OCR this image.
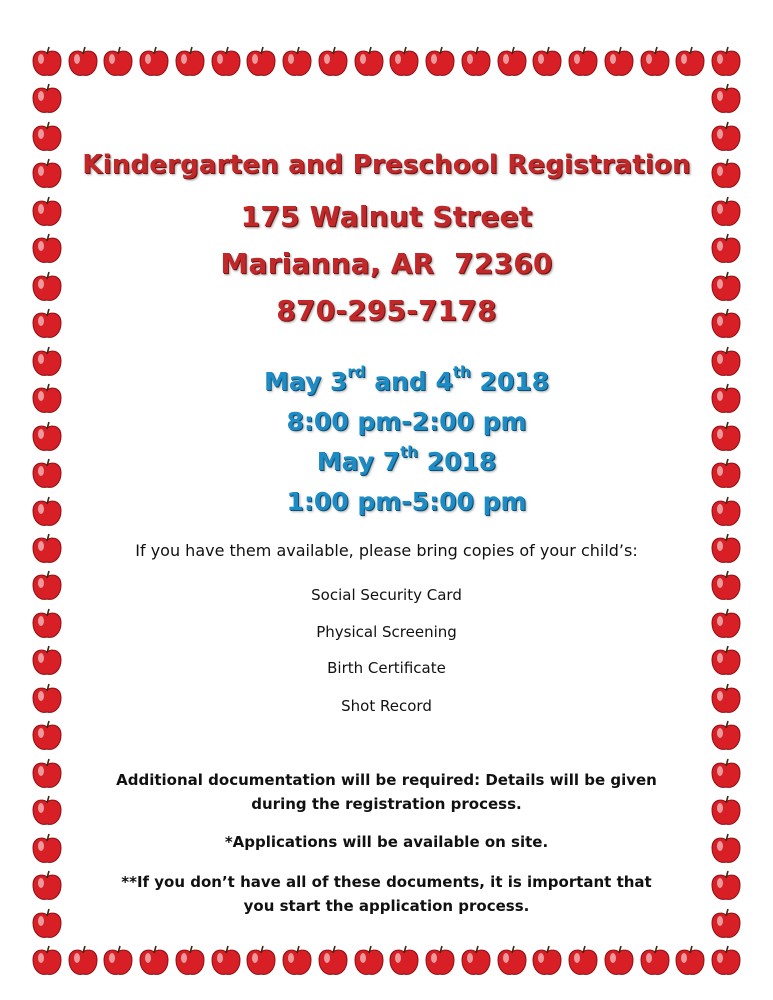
Kindergarten and Preschool Registration
175 Walnut Street
Marianna, AR  72360
870-295-7178
May 3rd and 4th 2018
8:00 pm-2:00 pm
May 7th 2018
1:00 pm-5:00 pm
If you have them available, please bring copies of your child’s:
Social Security Card
Physical Screening
Birth Certificate
Shot Record
Additional documentation will be required: Details will be given during the registration process.
*Applications will be available on site.
**If you don’t have all of these documents, it is important that you start the application process.
